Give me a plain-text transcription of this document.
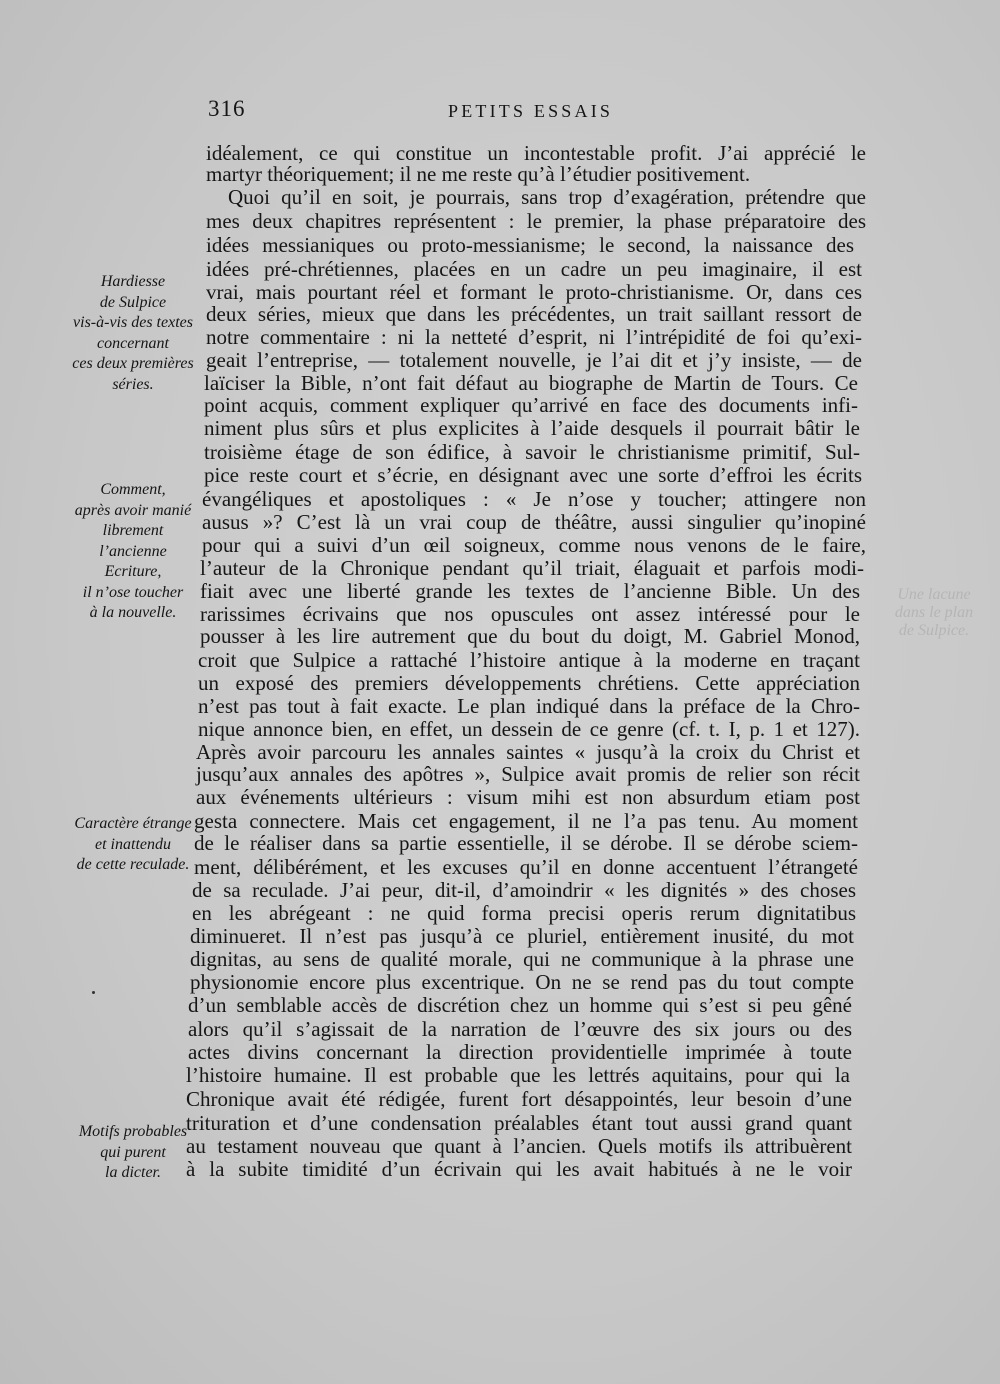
316	PETITS ESSAIS
idéalement, ce qui constitue un incontestable profit. J’ai apprécié le
martyr théoriquement; il ne me reste qu’à l’étudier positivement.
Quoi qu’il en soit, je pourrais, sans trop d’exagération, prétendre que
mes deux chapitres représentent : le premier, la phase préparatoire des
idées messianiques ou proto-messianisme; le second, la naissance des
idées pré-chrétiennes, placées en un cadre un peu imaginaire, il est
vrai, mais pourtant réel et formant le proto-christianisme. Or, dans ces
deux séries, mieux que dans les précédentes, un trait saillant ressort de
notre commentaire : ni la netteté d’esprit, ni l’intrépidité de foi qu’exi-
geait l’entreprise, — totalement nouvelle, je l’ai dit et j’y insiste, — de
laïciser la Bible, n’ont fait défaut au biographe de Martin de Tours. Ce
point acquis, comment expliquer qu’arrivé en face des documents infi-
niment plus sûrs et plus explicites à l’aide desquels il pourrait bâtir le
troisième étage de son édifice, à savoir le christianisme primitif, Sul-
pice reste court et s’écrie, en désignant avec une sorte d’effroi les écrits
évangéliques et apostoliques : « Je n’ose y toucher; attingere non
ausus »? C’est là un vrai coup de théâtre, aussi singulier qu’inopiné
pour qui a suivi d’un œil soigneux, comme nous venons de le faire,
l’auteur de la Chronique pendant qu’il triait, élaguait et parfois modi-
fiait avec une liberté grande les textes de l’ancienne Bible. Un des
rarissimes écrivains que nos opuscules ont assez intéressé pour le
pousser à les lire autrement que du bout du doigt, M. Gabriel Monod,
croit que Sulpice a rattaché l’histoire antique à la moderne en traçant
un exposé des premiers développements chrétiens. Cette appréciation
n’est pas tout à fait exacte. Le plan indiqué dans la préface de la Chro-
nique annonce bien, en effet, un dessein de ce genre (cf. t. I, p. 1 et 127).
Après avoir parcouru les annales saintes « jusqu’à la croix du Christ et
jusqu’aux annales des apôtres », Sulpice avait promis de relier son récit
aux événements ultérieurs : visum mihi est non absurdum etiam post
gesta connectere. Mais cet engagement, il ne l’a pas tenu. Au moment
de le réaliser dans sa partie essentielle, il se dérobe. Il se dérobe sciem-
ment, délibérément, et les excuses qu’il en donne accentuent l’étrangeté
de sa reculade. J’ai peur, dit-il, d’amoindrir « les dignités » des choses
en les abrégeant : ne quid forma precisi operis rerum dignitatibus
diminueret. Il n’est pas jusqu’à ce pluriel, entièrement inusité, du mot
dignitas, au sens de qualité morale, qui ne communique à la phrase une
physionomie encore plus excentrique. On ne se rend pas du tout compte
d’un semblable accès de discrétion chez un homme qui s’est si peu gêné
alors qu’il s’agissait de la narration de l’œuvre des six jours ou des
actes divins concernant la direction providentielle imprimée à toute
l’histoire humaine. Il est probable que les lettrés aquitains, pour qui la
Chronique avait été rédigée, furent fort désappointés, leur besoin d’une
trituration et d’une condensation préalables étant tout aussi grand quant
au testament nouveau que quant à l’ancien. Quels motifs ils attribuèrent
à la subite timidité d’un écrivain qui les avait habitués à ne le voir
Hardiesse
de Sulpice
vis-à-vis des textes
concernant
ces deux premières
séries.
Comment,
après avoir manié
librement
l’ancienne
Ecriture,
il n’ose toucher
à la nouvelle.
Caractère étrange
et inattendu
de cette reculade.
Motifs probables
qui purent
la dicter.
Une lacune
dans le plan
de Sulpice.
